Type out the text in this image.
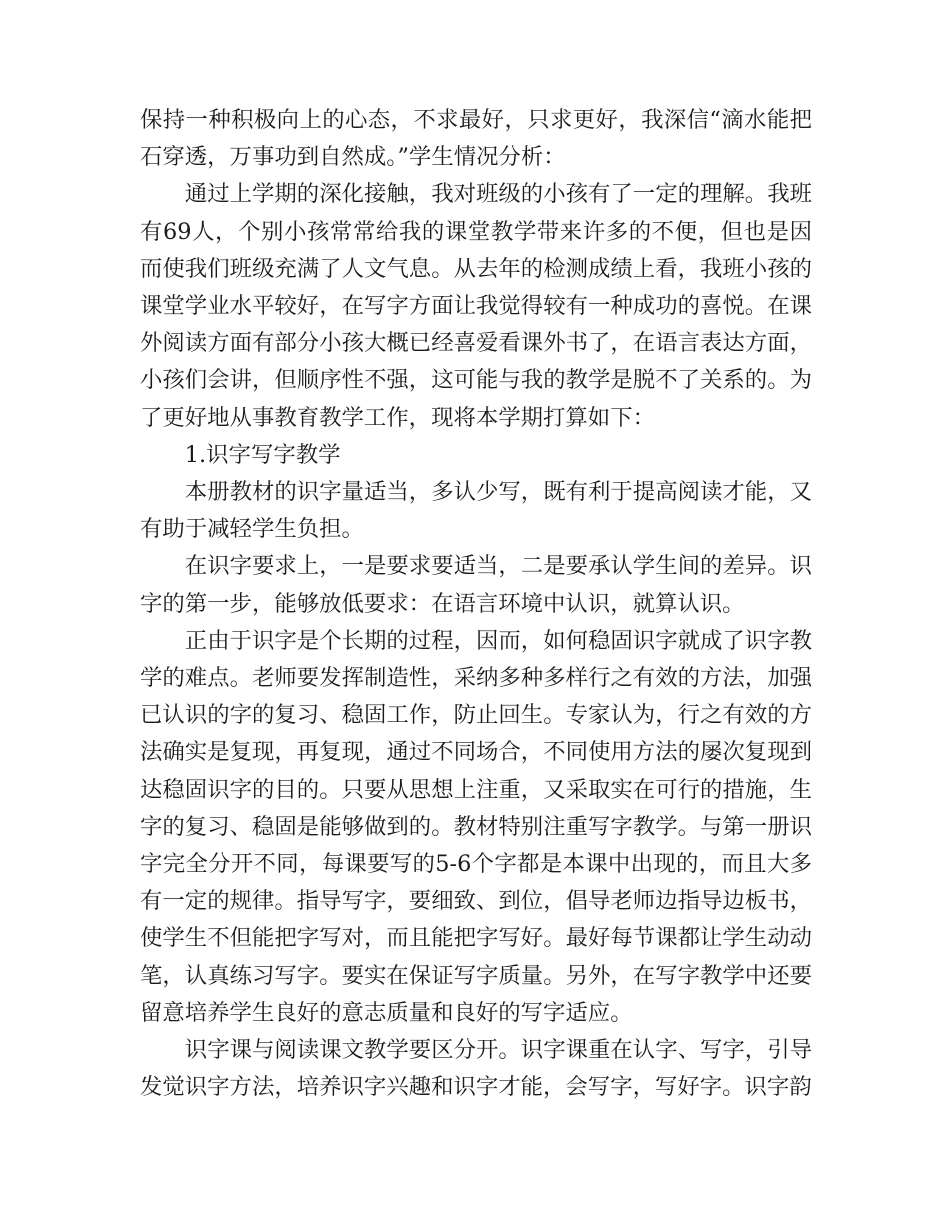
保持一种积极向上的心态，不求最好，只求更好，我深信“滴水能把石穿透，万事功到自然成。”学生情况分析：

通过上学期的深化接触，我对班级的小孩有了一定的理解。我班有69人，个别小孩常常给我的课堂教学带来许多的不便，但也是因而使我们班级充满了人文气息。从去年的检测成绩上看，我班小孩的课堂学业水平较好，在写字方面让我觉得较有一种成功的喜悦。在课外阅读方面有部分小孩大概已经喜爱看课外书了，在语言表达方面，小孩们会讲，但顺序性不强，这可能与我的教学是脱不了关系的。为了更好地从事教育教学工作，现将本学期打算如下：

1.识字写字教学

本册教材的识字量适当，多认少写，既有利于提高阅读才能，又有助于减轻学生负担。

在识字要求上，一是要求要适当，二是要承认学生间的差异。识字的第一步，能够放低要求：在语言环境中认识，就算认识。

正由于识字是个长期的过程，因而，如何稳固识字就成了识字教学的难点。老师要发挥制造性，采纳多种多样行之有效的方法，加强已认识的字的复习、稳固工作，防止回生。专家认为，行之有效的方法确实是复现，再复现，通过不同场合，不同使用方法的屡次复现到达稳固识字的目的。只要从思想上注重，又采取实在可行的措施，生字的复习、稳固是能够做到的。教材特别注重写字教学。与第一册识字完全分开不同，每课要写的5-6个字都是本课中出现的，而且大多有一定的规律。指导写字，要细致、到位，倡导老师边指导边板书，使学生不但能把字写对，而且能把字写好。最好每节课都让学生动动笔，认真练习写字。要实在保证写字质量。另外，在写字教学中还要留意培养学生良好的意志质量和良好的写字适应。

识字课与阅读课文教学要区分开。识字课重在认字、写字，引导发觉识字方法，培养识字兴趣和识字才能，会写字，写好字。识字韵
